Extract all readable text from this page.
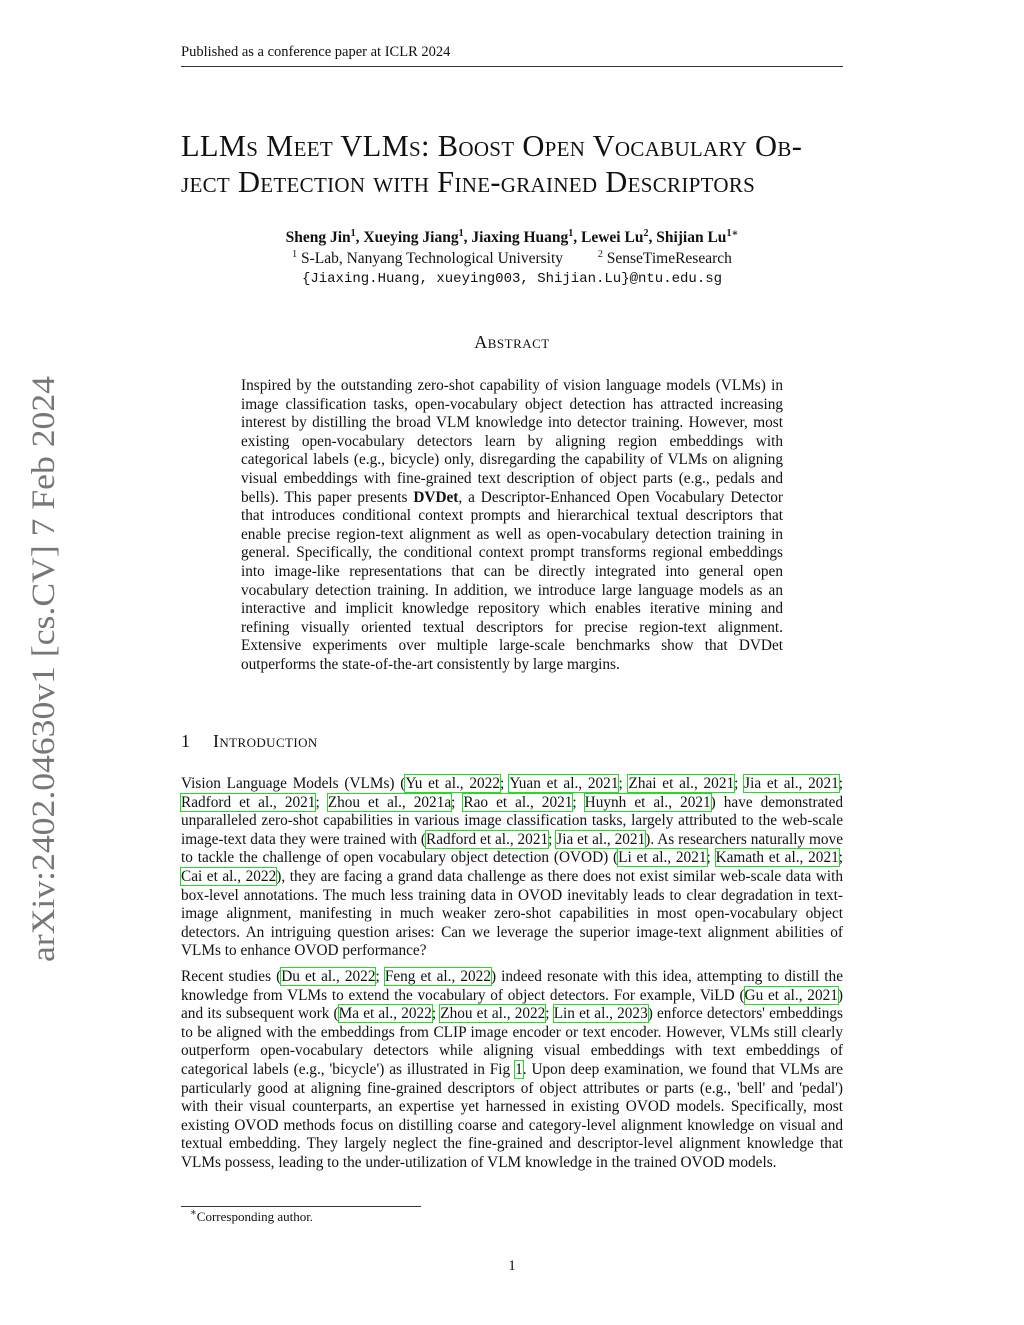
Published as a conference paper at ICLR 2024
arXiv:2402.04630v1 [cs.CV] 7 Feb 2024
LLMs Meet VLMs: Boost Open Vocabulary Ob-
ject Detection with Fine-grained Descriptors
Sheng Jin$^1$, Xueying Jiang$^1$, Jiaxing Huang$^1$, Lewei Lu$^2$, Shijian $Lu^{1∗}$
$^1$ S-Lab, Nanyang Technological University	$^2$ SenseTimeResearch
{Jiaxing.Huang, xueying003, Shijian.Lu}@ntu.edu.sg
Abstract
Inspired by the outstanding zero-shot capability of vision language models (VLMs) in image classification tasks, open-vocabulary object detection has attracted increasing interest by distilling the broad VLM knowledge into detector training. However, most existing open-vocabulary detectors learn by aligning region embeddings with categorical labels (e.g., bicycle) only, disregarding the capability of VLMs on aligning visual embeddings with fine-grained text description of object parts (e.g., pedals and bells). This paper presents DVDet, a Descriptor-Enhanced Open Vocabulary Detector that introduces conditional context prompts and hierarchical textual descriptors that enable precise region-text alignment as well as open-vocabulary detection training in general. Specifically, the conditional context prompt transforms regional embeddings into image-like representations that can be directly integrated into general open vocabulary detection training. In addition, we introduce large language models as an interactive and implicit knowledge repository which enables iterative mining and refining visually oriented textual descriptors for precise region-text alignment. Extensive experiments over multiple large-scale benchmarks show that DVDet outperforms the state-of-the-art consistently by large margins.
1 Introduction
Vision Language Models (VLMs) (Yu et al., 2022; Yuan et al., 2021; Zhai et al., 2021; Jia et al., 2021; Radford et al., 2021; Zhou et al., 2021a; Rao et al., 2021; Huynh et al., 2021) have demonstrated unparalleled zero-shot capabilities in various image classification tasks, largely attributed to the web-scale image-text data they were trained with (Radford et al., 2021; Jia et al., 2021). As researchers naturally move to tackle the challenge of open vocabulary object detection (OVOD) (Li et al., 2021; Kamath et al., 2021; Cai et al., 2022), they are facing a grand data challenge as there does not exist similar web-scale data with box-level annotations. The much less training data in OVOD inevitably leads to clear degradation in text-image alignment, manifesting in much weaker zero-shot capabilities in most open-vocabulary object detectors. An intriguing question arises: Can we leverage the superior image-text alignment abilities of VLMs to enhance OVOD performance?
Recent studies (Du et al., 2022; Feng et al., 2022) indeed resonate with this idea, attempting to distill the knowledge from VLMs to extend the vocabulary of object detectors. For example, ViLD (Gu et al., 2021) and its subsequent work (Ma et al., 2022; Zhou et al., 2022; Lin et al., 2023) enforce detectors' embeddings to be aligned with the embeddings from CLIP image encoder or text encoder. However, VLMs still clearly outperform open-vocabulary detectors while aligning visual embeddings with text embeddings of categorical labels (e.g., 'bicycle') as illustrated in Fig 1. Upon deep examination, we found that VLMs are particularly good at aligning fine-grained descriptors of object attributes or parts (e.g., 'bell' and 'pedal') with their visual counterparts, an expertise yet harnessed in existing OVOD models. Specifically, most existing OVOD methods focus on distilling coarse and category-level alignment knowledge on visual and textual embedding. They largely neglect the fine-grained and descriptor-level alignment knowledge that VLMs possess, leading to the under-utilization of VLM knowledge in the trained OVOD models.
∗Corresponding author.
1
